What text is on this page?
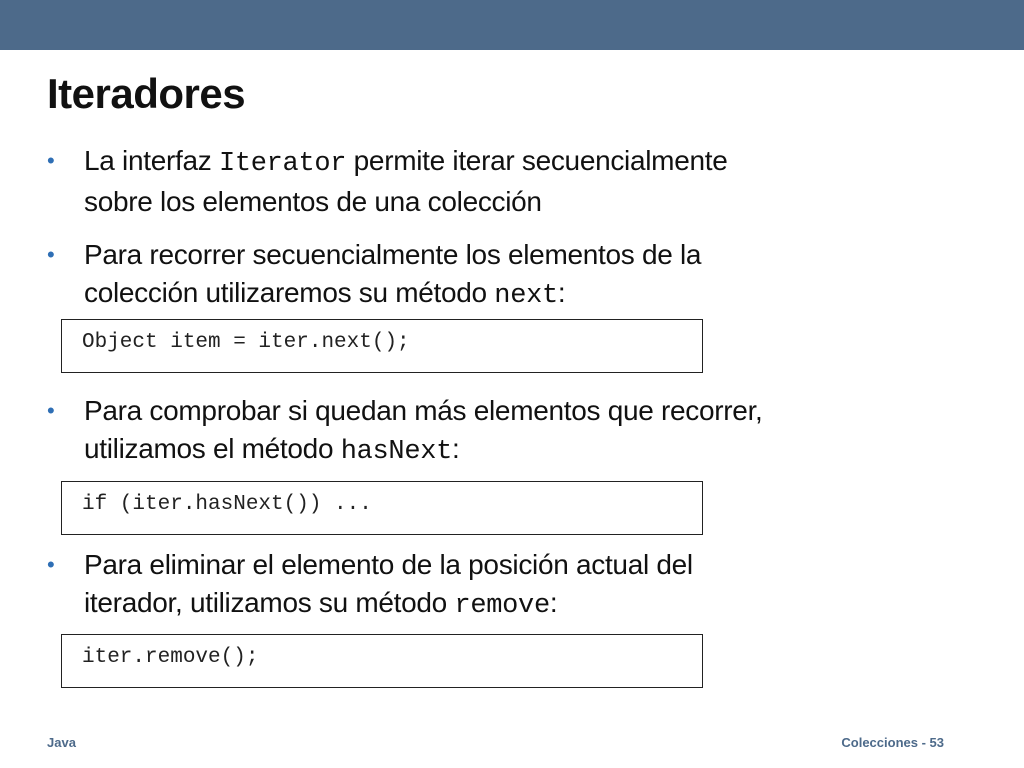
Iteradores
•	La interfaz Iterator permite iterar secuencialmente
sobre los elementos de una colección
•	Para recorrer secuencialmente los elementos de la
colección utilizaremos su método next:
Object item = iter.next();
•	Para comprobar si quedan más elementos que recorrer,
utilizamos el método hasNext:
if (iter.hasNext()) ...
•	Para eliminar el elemento de la posición actual del
iterador, utilizamos su método remove:
iter.remove();
Java	Colecciones - 53
